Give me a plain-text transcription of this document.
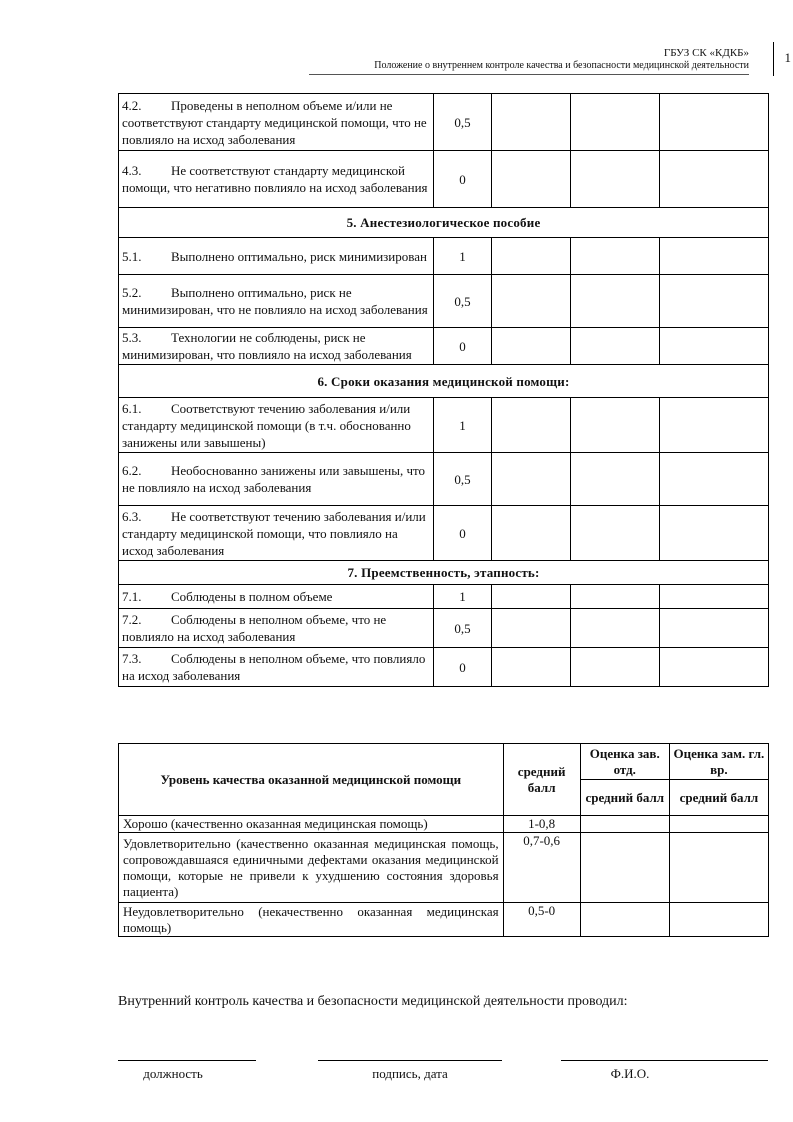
ГБУЗ СК «КДКБ»
Положение о внутреннем контроле качества и безопасности медицинской деятельности
1
4.2. Проведены в неполном объеме и/или не соответствуют стандарту медицинской помощи, что не повлияло на исход заболевания	0,5			
4.3. Не соответствуют стандарту медицинской помощи, что негативно повлияло на исход заболевания	0			
5. Анестезиологическое пособие				
5.1. Выполнено оптимально, риск минимизирован	1			
5.2. Выполнено оптимально, риск не минимизирован, что не повлияло на исход заболевания	0,5			
5.3. Технологии не соблюдены, риск не минимизирован, что повлияло на исход заболевания	0			
6. Сроки оказания медицинской помощи:				
6.1. Соответствуют течению заболевания и/или стандарту медицинской помощи (в т.ч. обоснованно занижены или завышены)	1			
6.2. Необоснованно занижены или завышены, что не повлияло на исход заболевания	0,5			
6.3. Не соответствуют течению заболевания и/или стандарту медицинской помощи, что повлияло на исход заболевания	0			
7. Преемственность, этапность:				
7.1. Соблюдены в полном объеме	1			
7.2. Соблюдены в неполном объеме, что не повлияло на исход заболевания	0,5			
7.3. Соблюдены в неполном объеме, что повлияло на исход заболевания	0			
Уровень качества оказанной медицинской помощи	средний балл	Оценка зав. отд.	Оценка зам. гл. вр.
		средний балл	средний балл
Хорошо (качественно оказанная медицинская помощь)	1-0,8		
Удовлетворительно (качественно оказанная медицинская помощь, сопровождавшаяся единичными дефектами оказания медицинской помощи, которые не привели к ухудшению состояния здоровья пациента)	0,7-0,6		
Неудовлетворительно (некачественно оказанная медицинская помощь)	0,5-0		
Внутренний контроль качества и безопасности медицинской деятельности проводил:
должность	подпись, дата	Ф.И.О.
